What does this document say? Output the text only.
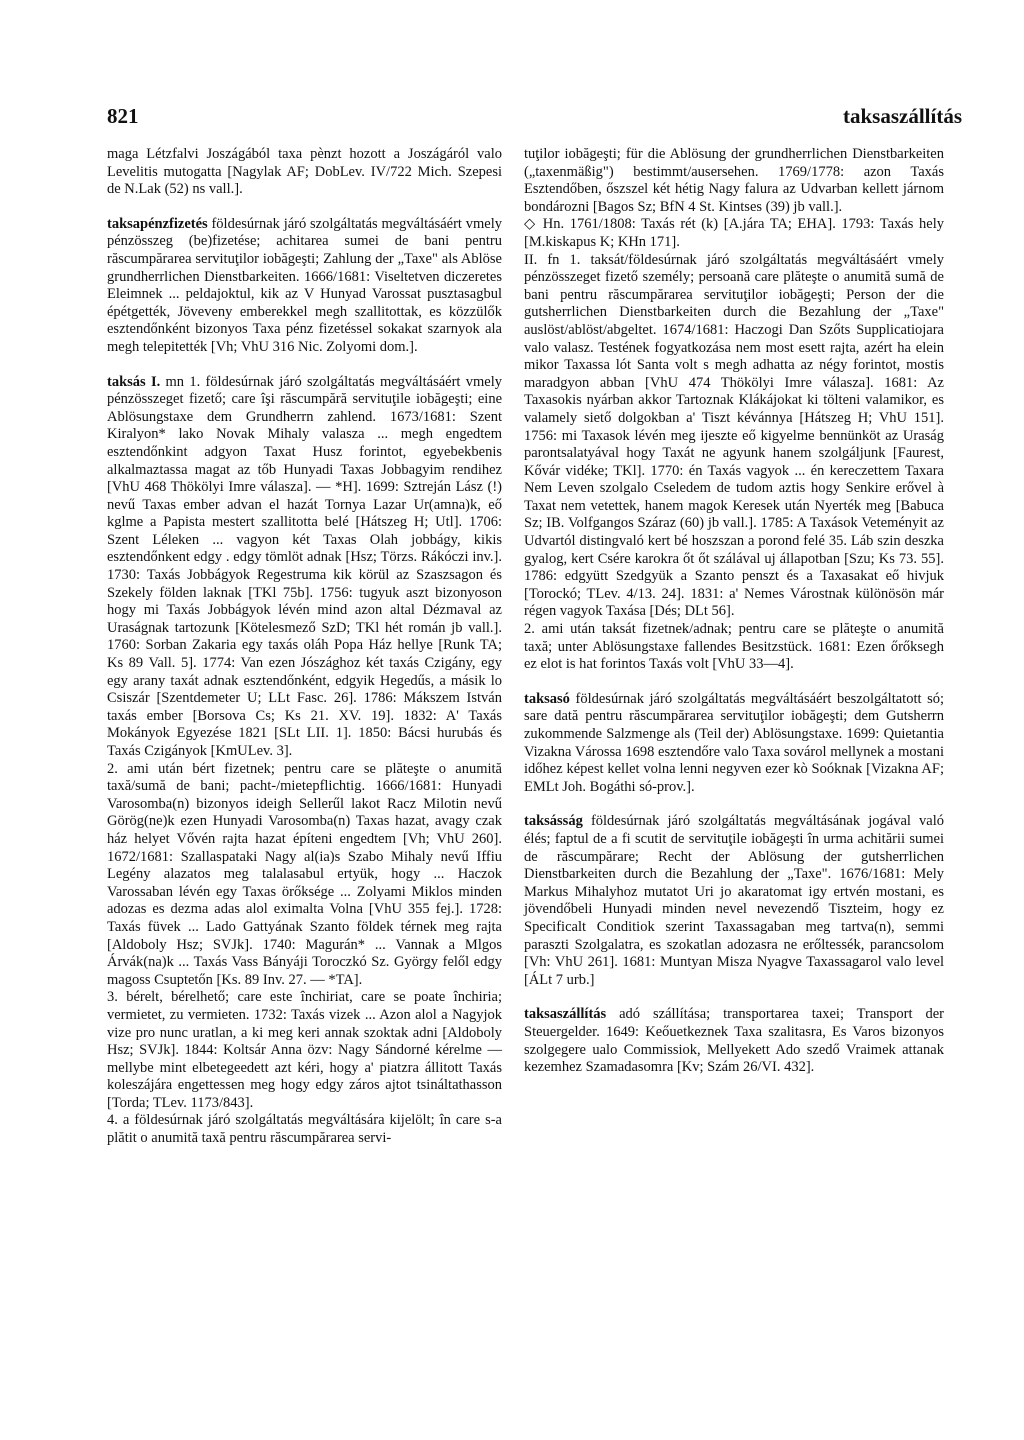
821	taksaszállítás

maga Létzfalvi Joszágából taxa pènzt hozott a Joszágáról valo Levelitis mutogatta [Nagylak AF; DobLev. IV/722 Mich. Szepesi de N.Lak (52) ns vall.].

taksapénzfizetés földesúrnak járó szolgáltatás megváltásáért vmely pénzösszeg (be)fizetése; achitarea sumei de bani pentru răscumpărarea servituţilor iobăgeşti; Zahlung der „Taxe" als Ablöse grundherrlichen Dienstbarkeiten. 1666/1681: Viseltetven diczeretes Eleimnek ... peldajoktul, kik az V Hunyad Varossat pusztasagbul épétgették, Jöveveny emberekkel megh szallitottak, es közzülők esztendőnként bizonyos Taxa pénz fizetéssel sokakat szarnyok ala megh telepitették [Vh; VhU 316 Nic. Zolyomi dom.].

taksás I. mn 1. földesúrnak járó szolgáltatás megváltásáért vmely pénzösszeget fizető; care îşi răscumpără servituţile iobăgeşti; eine Ablösungstaxe dem Grundherrn zahlend. 1673/1681: Szent Kiralyon* lako Novak Mihaly valasza ... megh engedtem esztendőnkint adgyon Taxat Husz forintot, egyebekbenis alkalmaztassa magat az tőb Hunyadi Taxas Jobbagyim rendihez [VhU 468 Thökölyi Imre válasza]. — *H]. 1699: Sztreján Lász (!) nevű Taxas ember advan el hazát Tornya Lazar Ur(amna)k, eő kglme a Papista mestert szallitotta belé [Hátszeg H; Utl]. 1706: Szent Léleken ... vagyon két Taxas Olah jobbágy, kikis esztendőnkent edgy . edgy tömlöt adnak [Hsz; Törzs. Rákóczi inv.]. 1730: Taxás Jobbágyok Regestruma kik körül az Szaszsagon és Szekely földen laknak [TKl 75b]. 1756: tugyuk aszt bizonyoson hogy mi Taxás Jobbágyok lévén mind azon altal Dézmaval az Uraságnak tartozunk [Kötelesmező SzD; TKl hét román jb vall.]. 1760: Sorban Zakaria egy taxás oláh Popa Ház hellye [Runk TA; Ks 89 Vall. 5]. 1774: Van ezen Jószághoz két taxás Czigány, egy egy arany taxát adnak esztendőnként, edgyik Hegedűs, a másik lo Csiszár [Szentdemeter U; LLt Fasc. 26]. 1786: Mákszem István taxás ember [Borsova Cs; Ks 21. XV. 19]. 1832: A' Taxás Mokányok Egyezése 1821 [SLt LII. 1]. 1850: Bácsi hurubás és Taxás Czigányok [KmULev. 3].

2. ami után bért fizetnek; pentru care se plăteşte o anumită taxă/sumă de bani; pacht-/mietepflichtig. 1666/1681: Hunyadi Varosomba(n) bizonyos ideigh Sellerűl lakot Racz Milotin nevű Görög(ne)k ezen Hunyadi Varosomba(n) Taxas hazat, avagy czak ház helyet Vővén rajta hazat építeni engedtem [Vh; VhU 260]. 1672/1681: Szallaspataki Nagy al(ia)s Szabo Mihaly nevű Iffiu Legény alazatos meg talalasabul ertyük, hogy ... Haczok Varossaban lévén egy Taxas örőksége ... Zolyami Miklos minden adozas es dezma adas alol eximalta Volna [VhU 355 fej.]. 1728: Taxás füvek ... Lado Gattyának Szanto földek térnek meg rajta [Aldoboly Hsz; SVJk]. 1740: Magurán* ... Vannak a Mlgos Árvák(na)k ... Taxás Vass Bányáji Toroczkó Sz. György felől edgy magoss Csuptetőn [Ks. 89 Inv. 27. — *TA].

3. bérelt, bérelhető; care este închiriat, care se poate închiria; vermietet, zu vermieten. 1732: Taxás vizek ... Azon alol a Nagyjok vize pro nunc uratlan, a ki meg keri annak szoktak adni [Aldoboly Hsz; SVJk]. 1844: Koltsár Anna özv: Nagy Sándorné kérelme — mellybe mint elbetegeedett azt kéri, hogy a' piatzra állitott Taxás koleszájára engettessen meg hogy edgy záros ajtot tsináltathasson [Torda; TLev. 1173/843].

4. a földesúrnak járó szolgáltatás megváltására kijelölt; în care s-a plătit o anumită taxă pentru răscumpărarea servi-

tuţilor iobăgeşti; für die Ablösung der grundherrlichen Dienstbarkeiten („taxenmäßig") bestimmt/ausersehen. 1769/1778: azon Taxás Esztendőben, őszszel két hétig Nagy falura az Udvarban kellett járnom bondározni [Bagos Sz; BfN 4 St. Kintses (39) jb vall.].

◇ Hn. 1761/1808: Taxás rét (k) [A.jára TA; EHA]. 1793: Taxás hely [M.kiskapus K; KHn 171].

II. fn 1. taksát/földesúrnak járó szolgáltatás megváltásáért vmely pénzösszeget fizető személy; persoană care plăteşte o anumită sumă de bani pentru răscumpărarea servituţilor iobăgeşti; Person der die gutsherrlichen Dienstbarkeiten durch die Bezahlung der „Taxe" auslöst/ablöst/abgeltet. 1674/1681: Haczogi Dan Szőts Supplicatiojara valo valasz. Testének fogyatkozása nem most esett rajta, azért ha elein mikor Taxassa lót Santa volt s megh adhatta az négy forintot, mostis maradgyon abban [VhU 474 Thökölyi Imre válasza]. 1681: Az Taxasokis nyárban akkor Tartoznak Klákájokat ki tölteni valamikor, es valamely siető dolgokban a' Tiszt kévánnya [Hátszeg H; VhU 151]. 1756: mi Taxasok lévén meg ijeszte eő kigyelme bennünköt az Uraság parontsalatyával hogy Taxát ne agyunk hanem szolgáljunk [Faurest, Kővár vidéke; TKl]. 1770: én Taxás vagyok ... én kereczettem Taxara Nem Leven szolgalo Cseledem de tudom aztis hogy Senkire erővel à Taxat nem vetettek, hanem magok Keresek után Nyerték meg [Babuca Sz; IB. Volfgangos Száraz (60) jb vall.]. 1785: A Taxások Veteményit az Udvartól distingvaló kert bé hoszszan a porond felé 35. Láb szin deszka gyalog, kert Csére karokra őt őt szálával uj állapotban [Szu; Ks 73. 55]. 1786: edgyütt Szedgyük a Szanto penszt és a Taxasakat eő hivjuk [Torockó; TLev. 4/13. 24]. 1831: a' Nemes Várostnak különösön már régen vagyok Taxása [Dés; DLt 56].

2. ami után taksát fizetnek/adnak; pentru care se plăteşte o anumită taxă; unter Ablösungstaxe fallendes Besitzstück. 1681: Ezen őrőksegh ez elot is hat forintos Taxás volt [VhU 33—4].

taksasó földesúrnak járó szolgáltatás megváltásáért beszolgáltatott só; sare dată pentru răscumpărarea servituţilor iobăgeşti; dem Gutsherrn zukommende Salzmenge als (Teil der) Ablösungstaxe. 1699: Quietantia Vizakna Várossa 1698 esztendőre valo Taxa sovárol mellynek a mostani időhez képest kellet volna lenni negyven ezer kò Soóknak [Vizakna AF; EMLt Joh. Bogáthi só-prov.].

taksásság földesúrnak járó szolgáltatás megváltásának jogával való élés; faptul de a fi scutit de servituţile iobăgeşti în urma achitării sumei de răscumpărare; Recht der Ablösung der gutsherrlichen Dienstbarkeiten durch die Bezahlung der „Taxe". 1676/1681: Mely Markus Mihalyhoz mutatot Uri jo akaratomat igy ertvén mostani, es jövendőbeli Hunyadi minden nevel nevezendő Tiszteim, hogy ez Specificalt Conditiok szerint Taxassagaban meg tartva(n), semmi paraszti Szolgalatra, es szokatlan adozasra ne erőltessék, parancsolom [Vh: VhU 261]. 1681: Muntyan Misza Nyagve Taxassagarol valo level [ÁLt 7 urb.]

taksaszállítás adó szállítása; transportarea taxei; Transport der Steuergelder. 1649: Keőuetkeznek Taxa szalitasra, Es Varos bizonyos szolgegere ualo Commissiok, Mellyekett Ado szedő Vraimek attanak kezemhez Szamadasomra [Kv; Szám 26/VI. 432].
